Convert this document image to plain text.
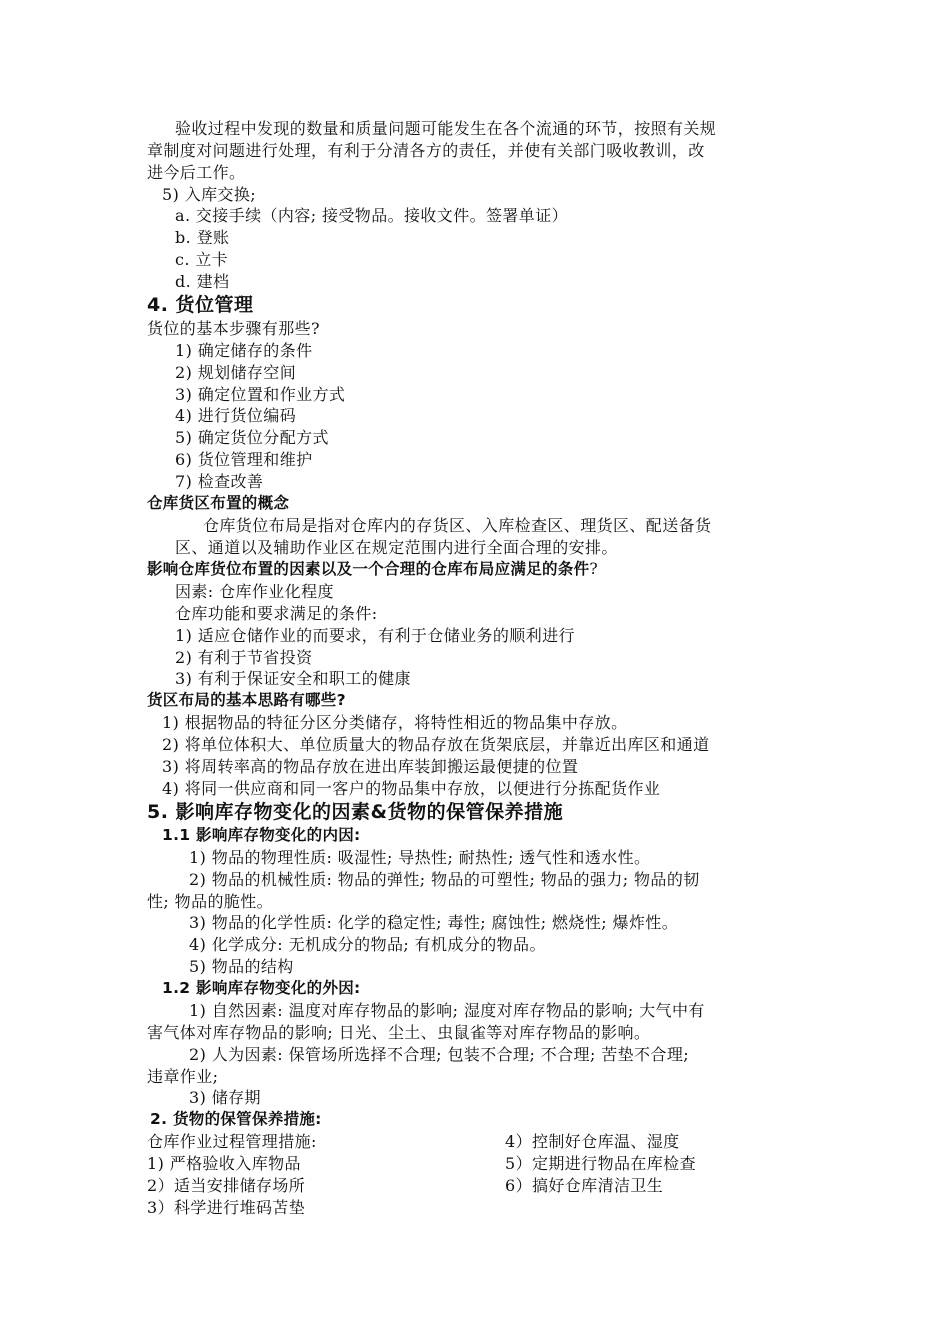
验收过程中发现的数量和质量问题可能发生在各个流通的环节，按照有关规
章制度对问题进行处理，有利于分清各方的责任，并使有关部门吸收教训，改
进今后工作。
5) 入库交换;
a. 交接手续（内容; 接受物品。接收文件。签署单证）
b. 登账
c. 立卡
d. 建档
4. 货位管理
货位的基本步骤有那些?
1) 确定储存的条件
2) 规划储存空间
3) 确定位置和作业方式
4) 进行货位编码
5) 确定货位分配方式
6) 货位管理和维护
7) 检查改善
仓库货区布置的概念
仓库货位布局是指对仓库内的存货区、入库检查区、理货区、配送备货
区、通道以及辅助作业区在规定范围内进行全面合理的安排。
影响仓库货位布置的因素以及一个合理的仓库布局应满足的条件?
因素: 仓库作业化程度
仓库功能和要求满足的条件:
1) 适应仓储作业的而要求，有利于仓储业务的顺利进行
2) 有利于节省投资
3) 有利于保证安全和职工的健康
货区布局的基本思路有哪些?
1) 根据物品的特征分区分类储存，将特性相近的物品集中存放。
2) 将单位体积大、单位质量大的物品存放在货架底层，并靠近出库区和通道
3) 将周转率高的物品存放在进出库装卸搬运最便捷的位置
4) 将同一供应商和同一客户的物品集中存放，以便进行分拣配货作业
5. 影响库存物变化的因素&货物的保管保养措施
1.1 影响库存物变化的内因:
1) 物品的物理性质: 吸湿性; 导热性; 耐热性; 透气性和透水性。
2) 物品的机械性质: 物品的弹性; 物品的可塑性; 物品的强力; 物品的韧
性; 物品的脆性。
3) 物品的化学性质: 化学的稳定性; 毒性; 腐蚀性; 燃烧性; 爆炸性。
4) 化学成分: 无机成分的物品; 有机成分的物品。
5) 物品的结构
1.2 影响库存物变化的外因:
1) 自然因素: 温度对库存物品的影响; 湿度对库存物品的影响; 大气中有
害气体对库存物品的影响; 日光、尘土、虫鼠雀等对库存物品的影响。
2) 人为因素: 保管场所选择不合理; 包装不合理; 不合理; 苦垫不合理;
违章作业;
3) 储存期
2. 货物的保管保养措施:
仓库作业过程管理措施:
1) 严格验收入库物品
2）适当安排储存场所
3）科学进行堆码苫垫
4）控制好仓库温、湿度
5）定期进行物品在库检查
6）搞好仓库清洁卫生
